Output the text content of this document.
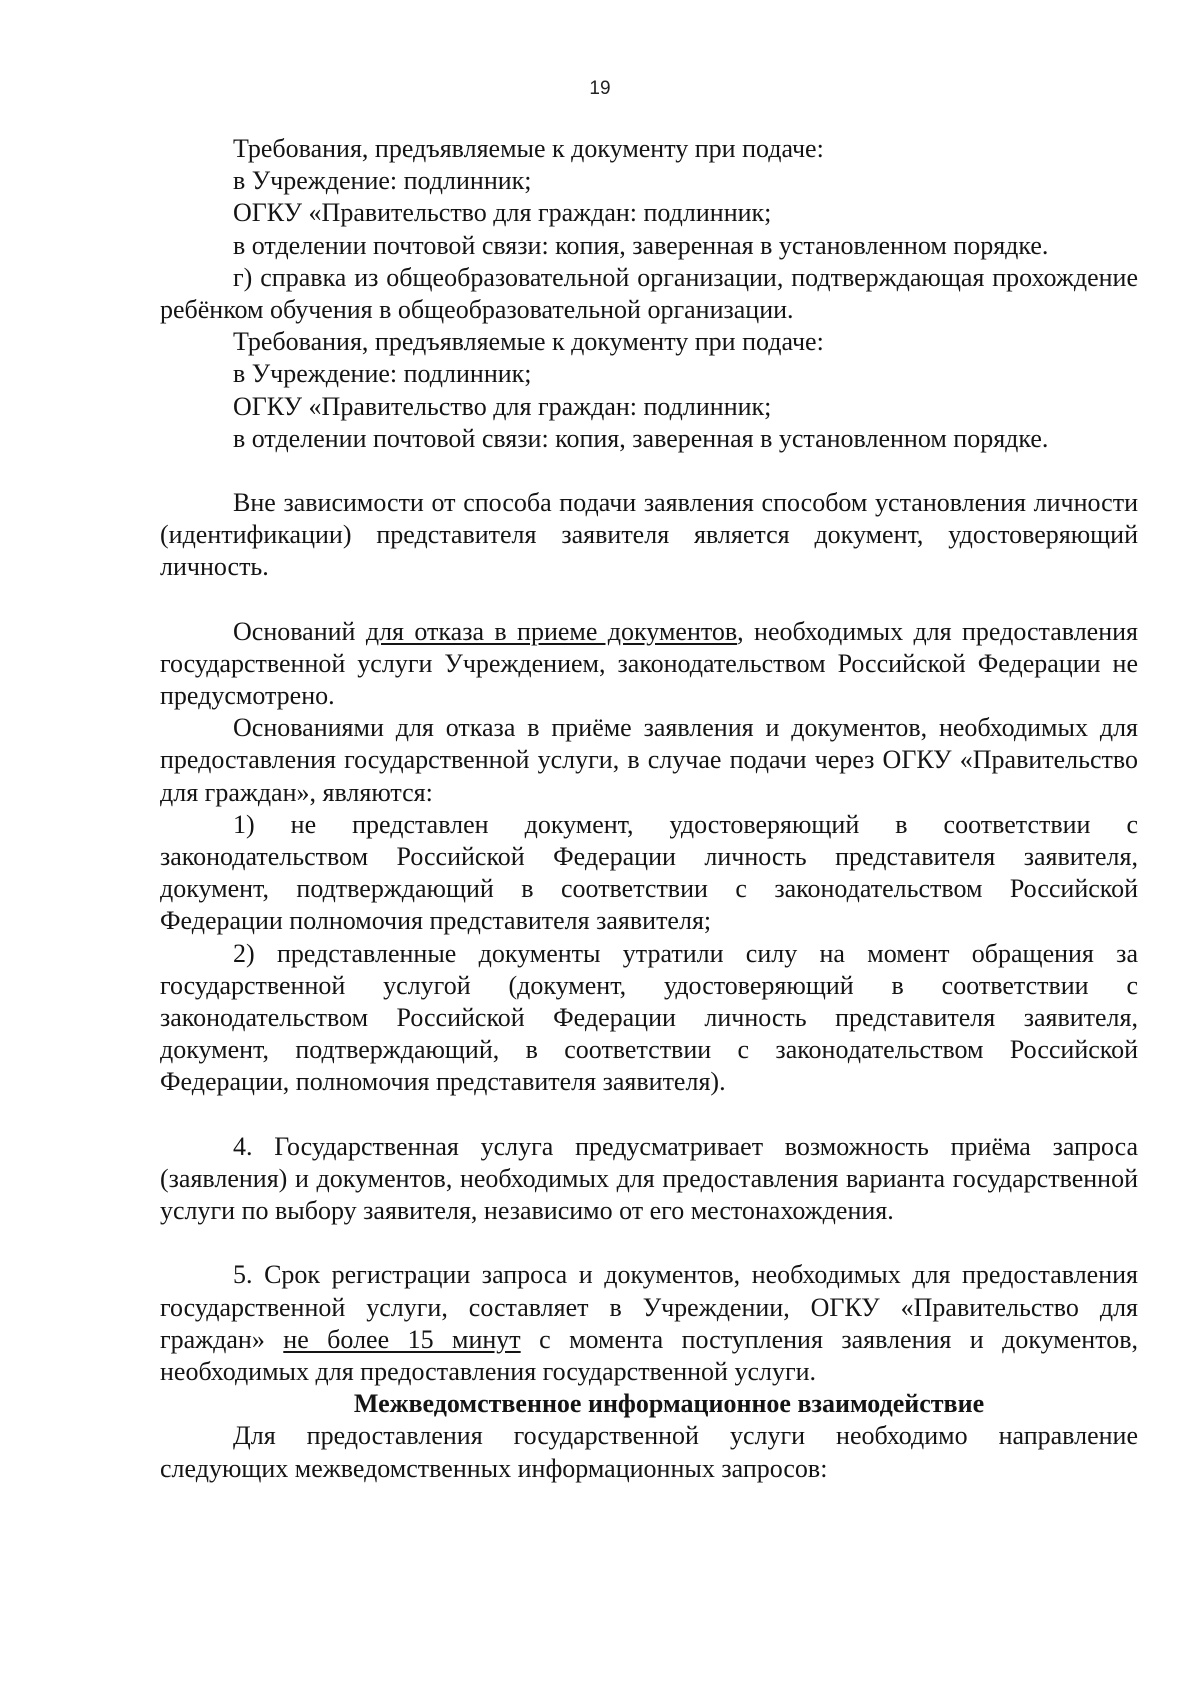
19

Требования, предъявляемые к документу при подаче:

в Учреждение: подлинник;

ОГКУ «Правительство для граждан: подлинник;

в отделении почтовой связи: копия, заверенная в установленном порядке.

г) справка из общеобразовательной организации, подтверждающая прохождение ребёнком обучения в общеобразовательной организации.

Требования, предъявляемые к документу при подаче:

в Учреждение: подлинник;

ОГКУ «Правительство для граждан: подлинник;

в отделении почтовой связи: копия, заверенная в установленном порядке.

Вне зависимости от способа подачи заявления способом установления личности (идентификации) представителя заявителя является документ, удостоверяющий личность.

Оснований для отказа в приеме документов, необходимых для предоставления государственной услуги Учреждением, законодательством Российской Федерации не предусмотрено.

Основаниями для отказа в приёме заявления и документов, необходимых для предоставления государственной услуги, в случае подачи через ОГКУ «Правительство для граждан», являются:

1) не представлен документ, удостоверяющий в соответствии с законодательством Российской Федерации личность представителя заявителя, документ, подтверждающий в соответствии с законодательством Российской Федерации полномочия представителя заявителя;

2) представленные документы утратили силу на момент обращения за государственной услугой (документ, удостоверяющий в соответствии с законодательством Российской Федерации личность представителя заявителя, документ, подтверждающий, в соответствии с законодательством Российской Федерации, полномочия представителя заявителя).

4. Государственная услуга предусматривает возможность приёма запроса (заявления) и документов, необходимых для предоставления варианта государственной услуги по выбору заявителя, независимо от его местонахождения.

5. Срок регистрации запроса и документов, необходимых для предоставления государственной услуги, составляет в Учреждении, ОГКУ «Правительство для граждан» не более 15 минут с момента поступления заявления и документов, необходимых для предоставления государственной услуги.

Межведомственное информационное взаимодействие

Для предоставления государственной услуги необходимо направление следующих межведомственных информационных запросов:
